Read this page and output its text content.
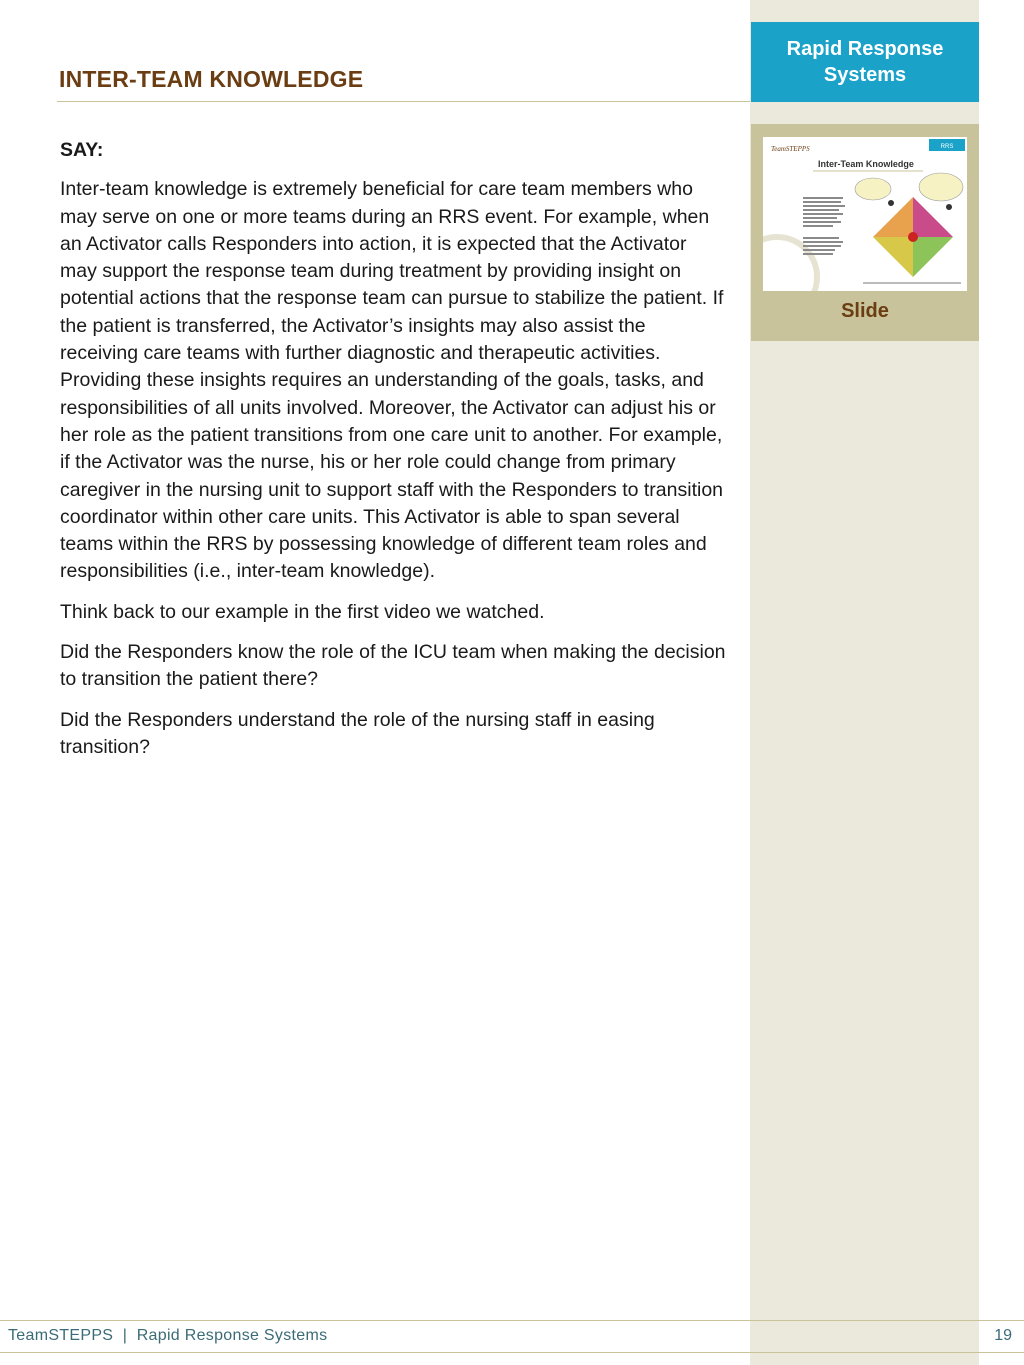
Rapid Response Systems
TeamSTEPPS	RRS
Inter-Team Knowledge
Slide
INTER-TEAM KNOWLEDGE

SAY:

Inter-team knowledge is extremely beneficial for care team members who may serve on one or more teams during an RRS event. For example, when an Activator calls Responders into action, it is expected that the Activator may support the response team during treatment by providing insight on potential actions that the response team can pursue to stabilize the patient. If the patient is transferred, the Activator’s insights may also assist the receiving care teams with further diagnostic and therapeutic activities. Providing these insights requires an understanding of the goals, tasks, and responsibilities of all units involved. Moreover, the Activator can adjust his or her role as the patient transitions from one care unit to another. For example, if the Activator was the nurse, his or her role could change from primary caregiver in the nursing unit to support staff with the Responders to transition coordinator within other care units. This Activator is able to span several teams within the RRS by possessing knowledge of different team roles and responsibilities (i.e., inter-team knowledge).

Think back to our example in the first video we watched.

Did the Responders know the role of the ICU team when making the decision to transition the patient there?

Did the Responders understand the role of the nursing staff in easing transition?

TeamSTEPPS  |  Rapid Response Systems	19
